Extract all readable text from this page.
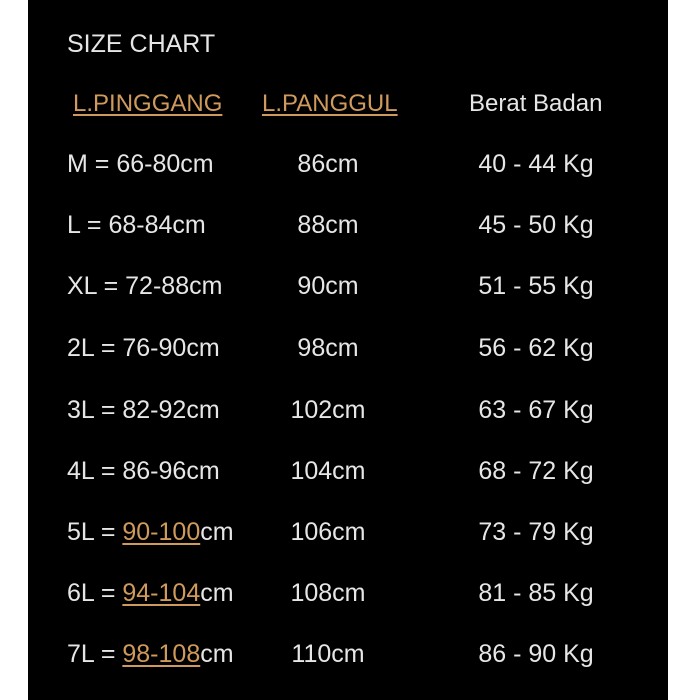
SIZE CHART
L.PINGGANG L.PANGGUL	Berat Badan
M = 66-80cm	86cm	40 - 44 Kg
L = 68-84cm	88cm	45 - 50 Kg
XL = 72-88cm	90cm	51 - 55 Kg
2L = 76-90cm	98cm	56 - 62 Kg
3L = 82-92cm	102cm	63 - 67 Kg
4L = 86-96cm	104cm	68 - 72 Kg
5L = 90-100cm	106cm	73 - 79 Kg
6L = 94-104cm	108cm	81 - 85 Kg
7L = 98-108cm	110cm	86 - 90 Kg
